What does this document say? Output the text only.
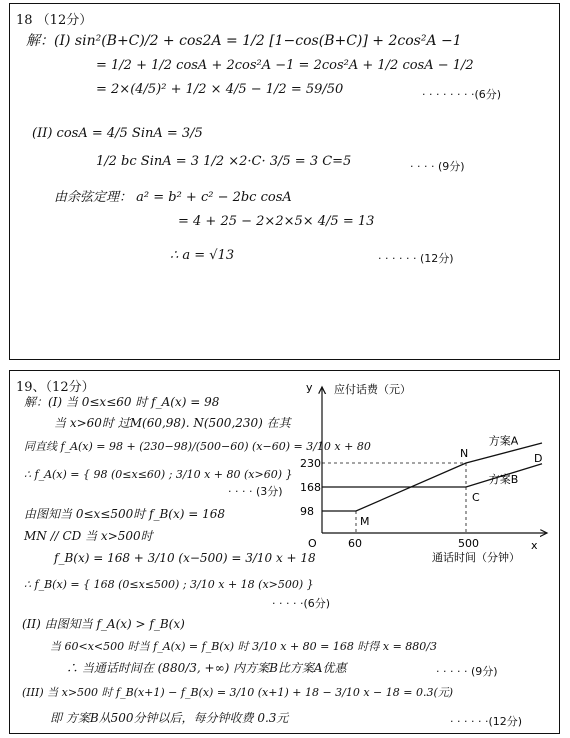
18 （12分）
解：(I) sin²(B+C)/2 + cos2A = 1/2 [1−cos(B+C)] + 2cos²A −1
= 1/2 + 1/2 cosA + 2cos²A −1 = 2cos²A + 1/2 cosA − 1/2
= 2×(4/5)² + 1/2 × 4/5 − 1/2 = 59/50	· · · · · · · ·(6分)
(II) cosA = 4/5 SinA = 3/5
1/2 bc SinA = 3 1/2 ×2·C· 3/5 = 3 C=5	· · · · (9分)
由余弦定理： a² = b² + c² − 2bc cosA
= 4 + 25 − 2×2×5× 4/5 = 13
∴ a = √13	· · · · · · (12分)
19、（12分）
解：(I) 当 0≤x≤60 时 f_A(x) = 98
当 x>60时 过M(60,98). N(500,230) 在其
同直线 f_A(x) = 98 + (230−98)/(500−60) (x−60) = 3/10 x + 80
∴ f_A(x) = { 98 (0≤x≤60) ; 3/10 x + 80 (x>60) }
· · · · (3分)
由图知当 0≤x≤500时 f_B(x) = 168
MN // CD 当 x>500时
f_B(x) = 168 + 3/10 (x−500) = 3/10 x + 18
∴ f_B(x) = { 168 (0≤x≤500) ; 3/10 x + 18 (x>500) }
· · · · ·(6分)
(II) 由图知当 f_A(x) > f_B(x)
当 60<x<500 时当 f_A(x) = f_B(x) 时 3/10 x + 80 = 168 时得 x = 880/3
∴ 当通话时间在 (880/3, +∞) 内方案B比方案A优惠	· · · · · (9分)
(III) 当 x>500 时 f_B(x+1) − f_B(x) = 3/10 (x+1) + 18 − 3/10 x − 18 = 0.3(元)
即 方案B从500分钟以后，每分钟收费 0.3元	· · · · · ·(12分)
y 应付话费（元）
x
通话时间（分钟）
O	60	500
98
168
230
方案A
方案B
M
N
C
D
